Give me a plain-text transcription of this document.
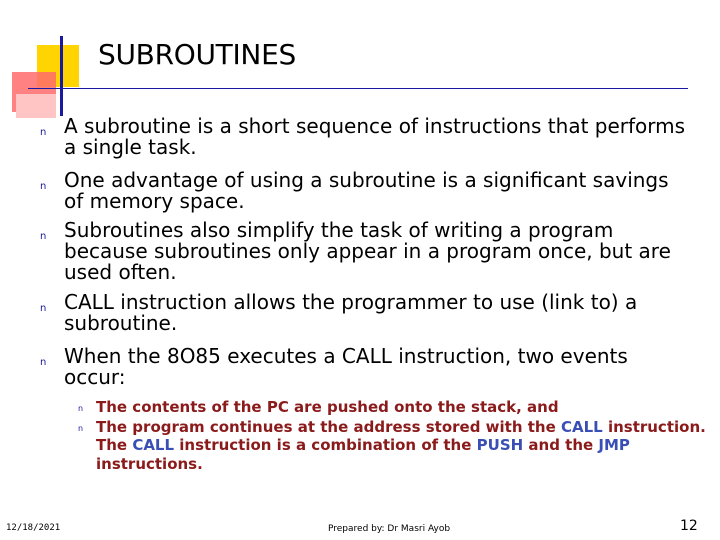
SUBROUTINES
n A subroutine is a short sequence of instructions that performs a single task.
n One advantage of using a subroutine is a significant savings of memory space.
n Subroutines also simplify the task of writing a program because subroutines only appear in a program once, but are used often.
n CALL instruction allows the programmer to use (link to) a subroutine.
n When the 8O85 executes a CALL instruction, two events occur:
n The contents of the PC are pushed onto the stack, and
n The program continues at the address stored with the CALL instruction.
The CALL instruction is a combination of the PUSH and the JMP instructions.
12/18/2021	Prepared by: Dr Masri Ayob	12
